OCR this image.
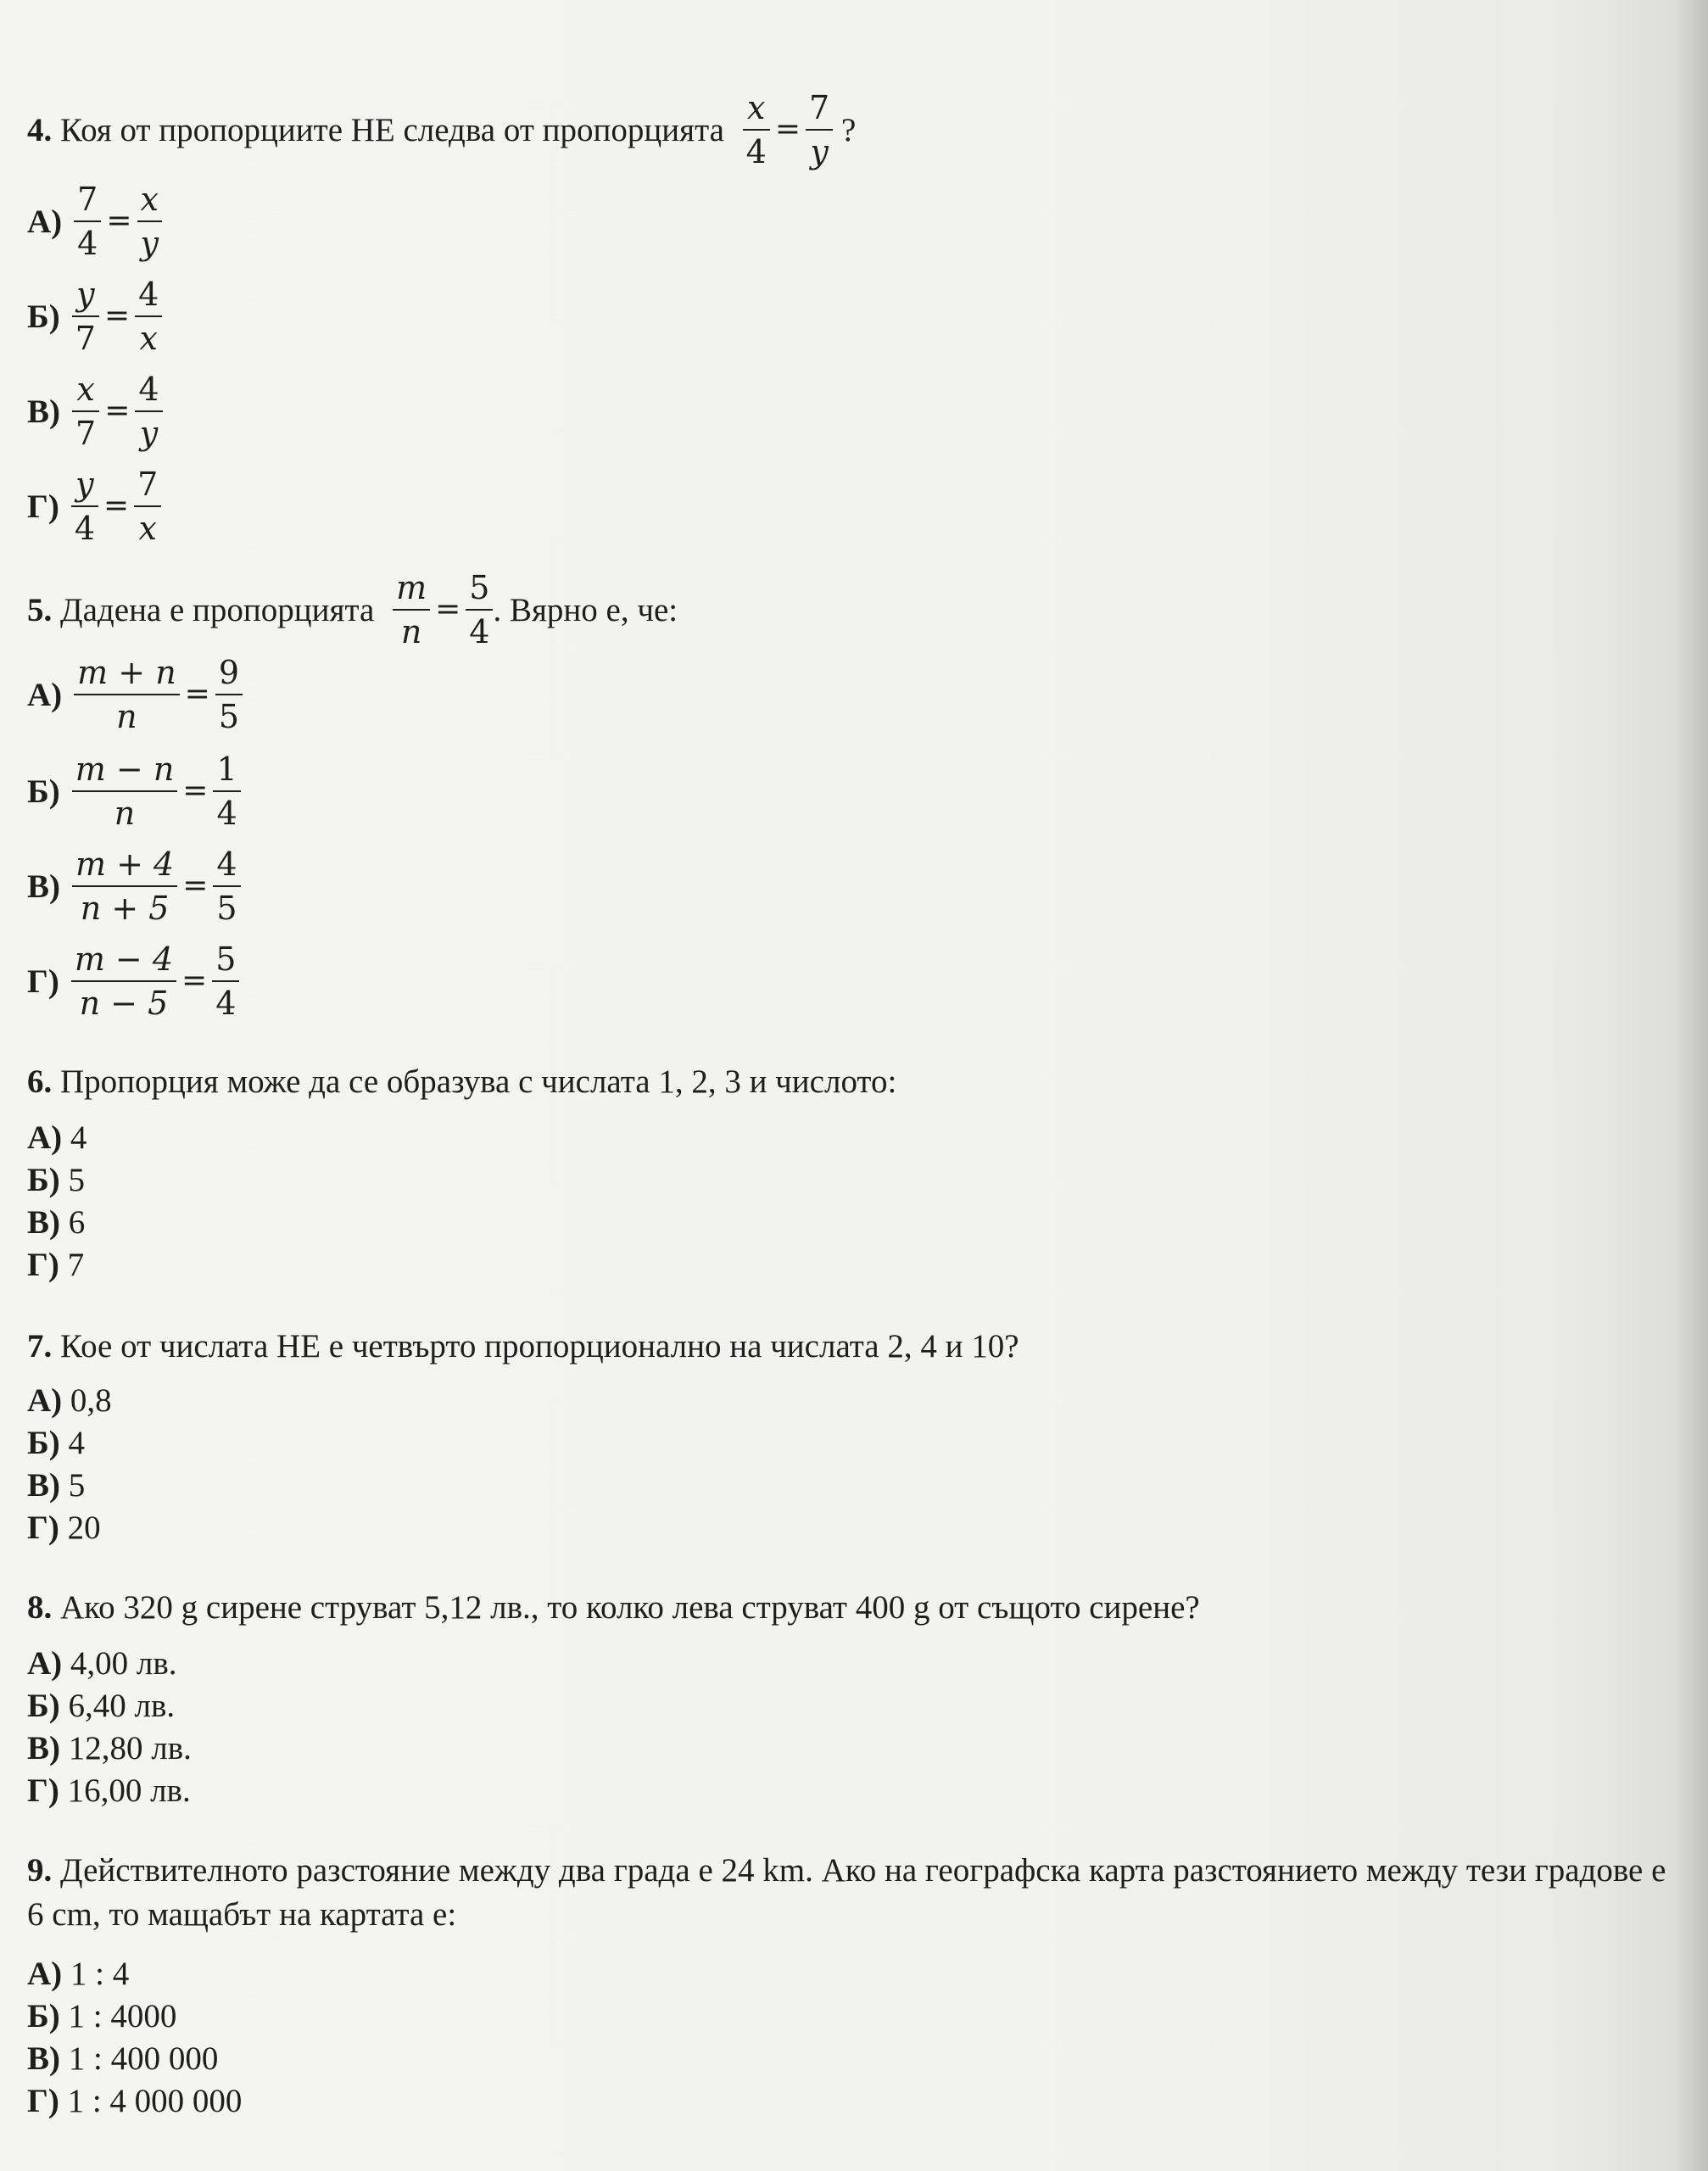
4. Коя от пропорциите НЕ следва от пропорцията $\frac{x}{4} = \frac{7}{y}$ ?
$А) \frac{7}{4} = \frac{x}{y}$
$Б) \frac{y}{7} = \frac{4}{x}$
$В) \frac{x}{7} = \frac{4}{y}$
$Г) \frac{y}{4} = \frac{7}{x}$
5. Дадена е пропорцията $\frac{m}{n} = \frac{5}{4}$ . Вярно е, че:
$А) \frac{m + n}{n} = \frac{9}{5}$
$Б) \frac{m - n}{n} = \frac{1}{4}$
$В) \frac{m + 4}{n + 5} = \frac{4}{5}$
$Г) \frac{m - 4}{n - 5} = \frac{5}{4}$
6. Пропорция може да се образува с числата 1, 2, 3 и числото:
А) 4
Б) 5
В) 6
Г) 7
7. Кое от числата НЕ е четвърто пропорционално на числата 2, 4 и 10?
А) 0,8
Б) 4
В) 5
Г) 20
8. Ако 320 g сирене струват 5,12 лв., то колко лева струват 400 g от същото сирене?
А) 4,00 лв.
Б) 6,40 лв.
В) 12,80 лв.
Г) 16,00 лв.
9. Действителното разстояние между два града е 24 km. Ако на географска карта разстоянието между тези градове е 6 cm, то мащабът на картата е:
А) 1 : 4
Б) 1 : 4000
В) 1 : 400 000
Г) 1 : 4 000 000
